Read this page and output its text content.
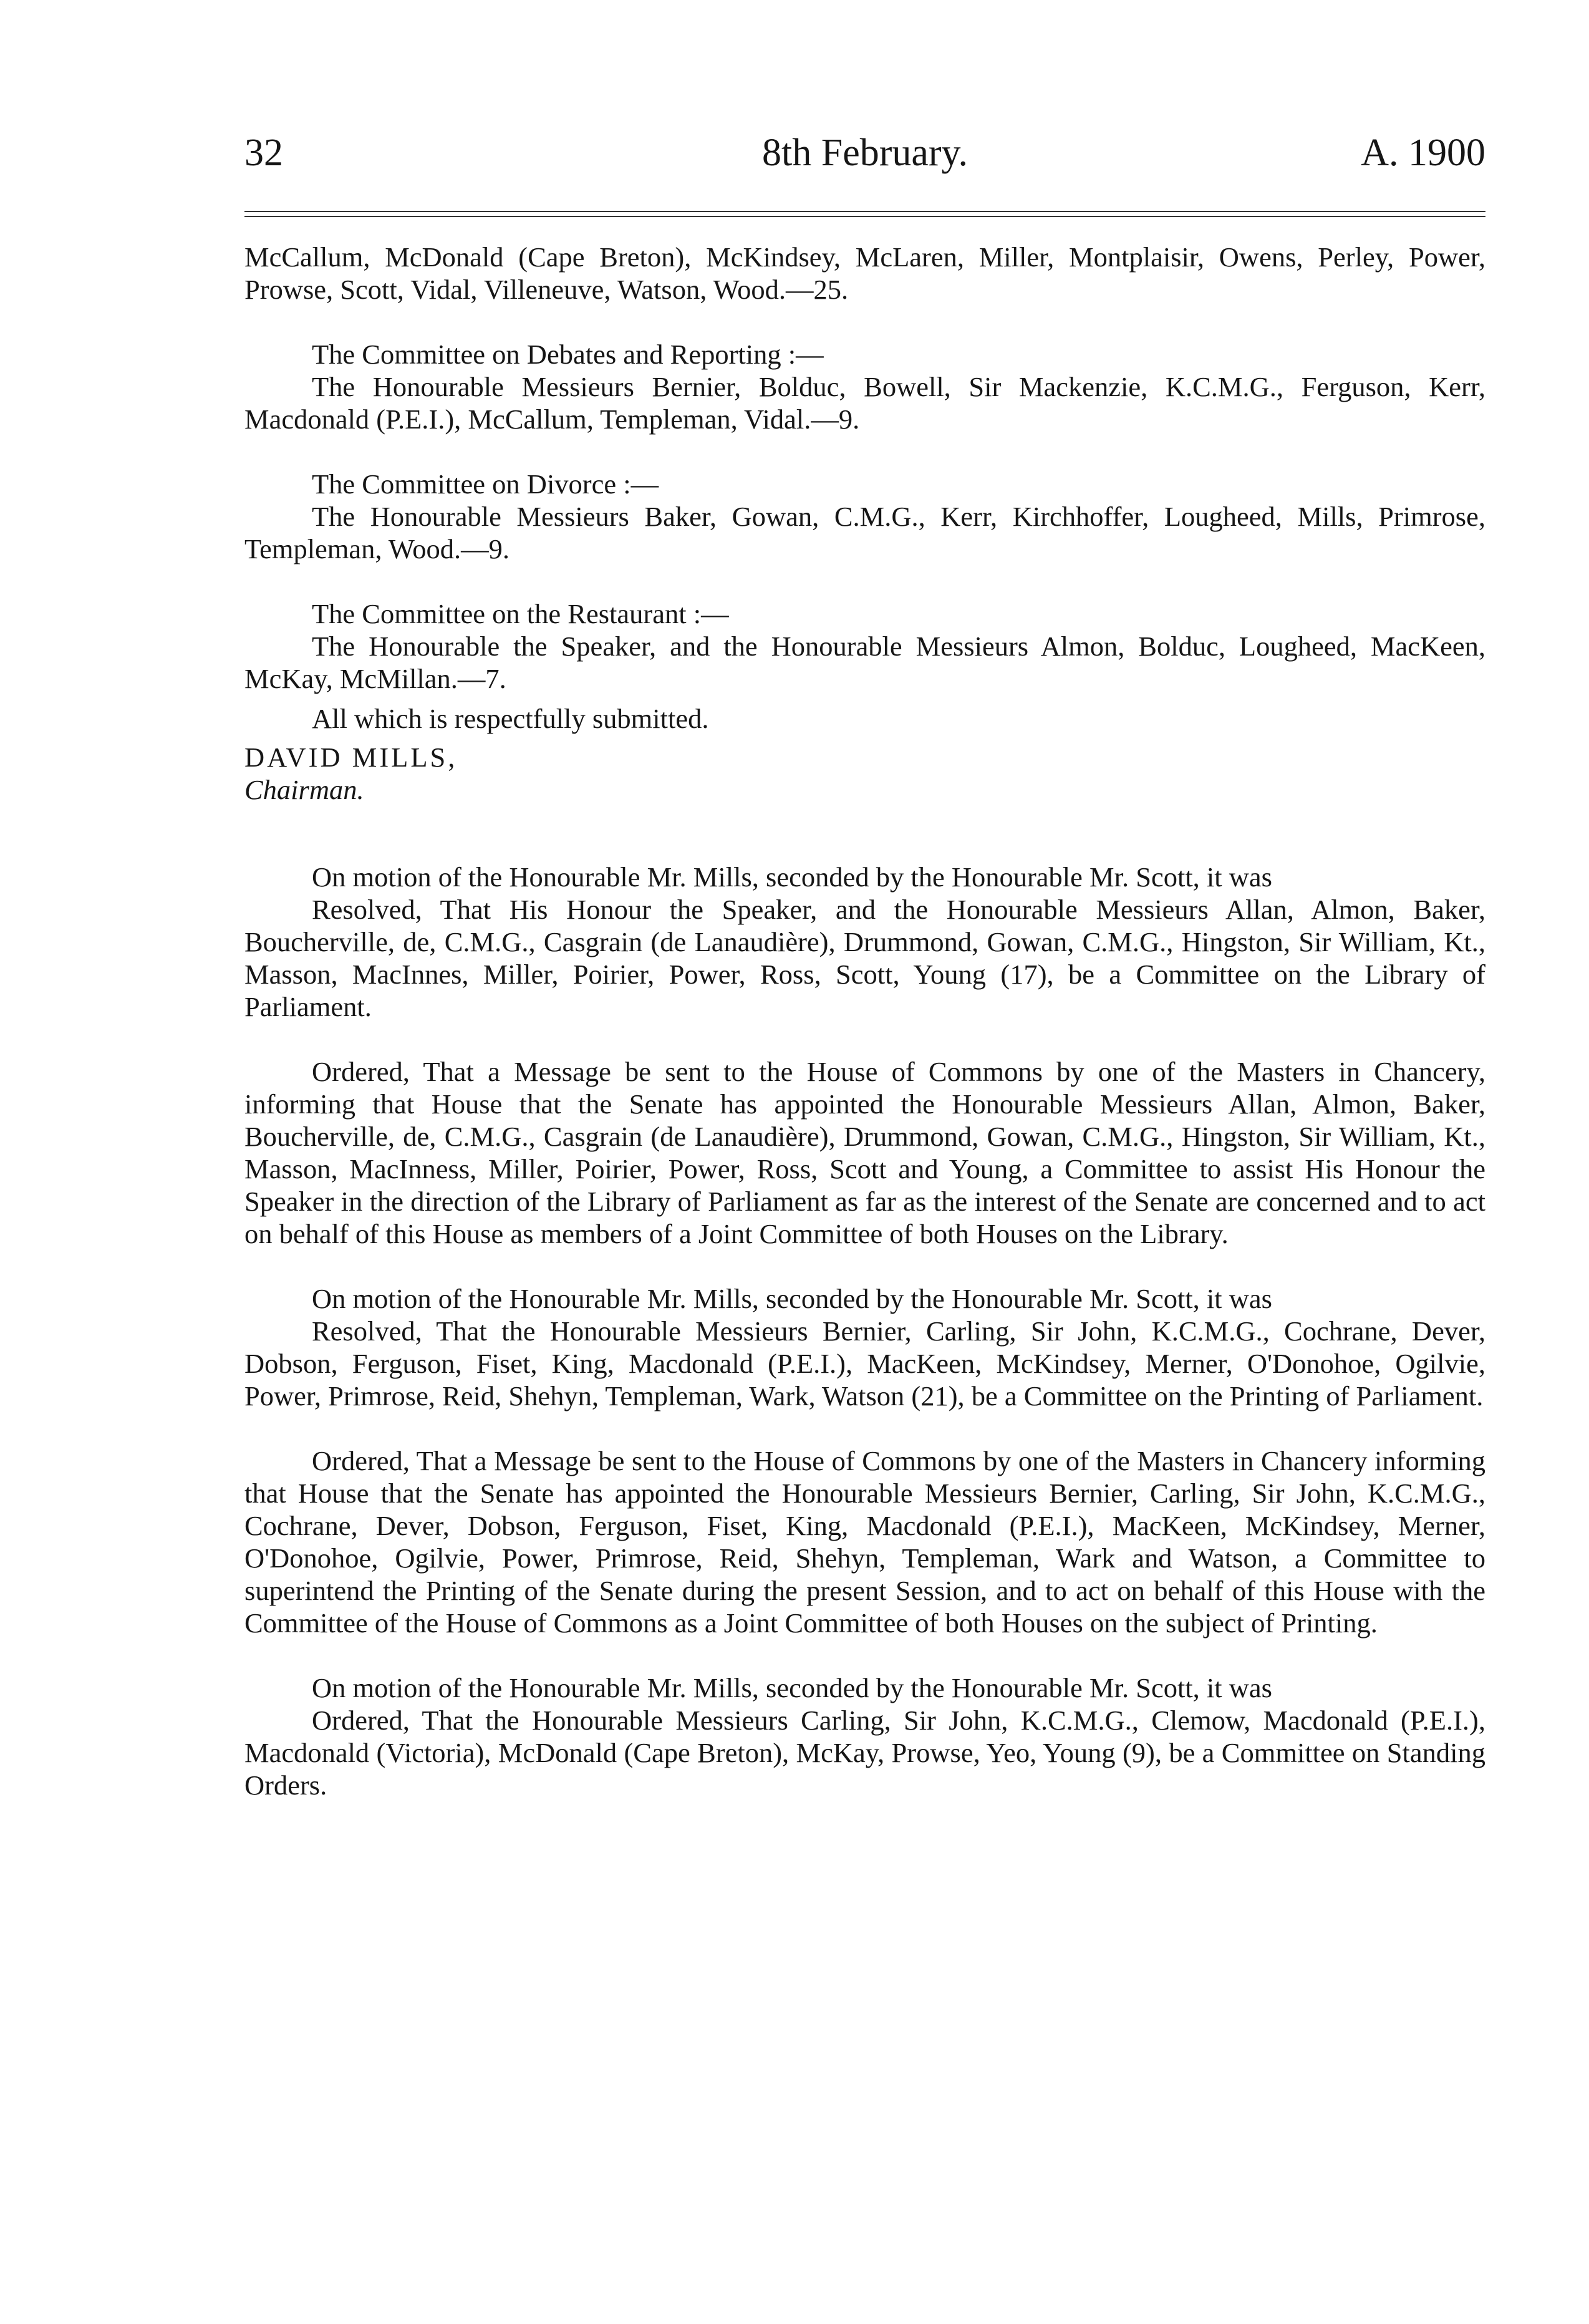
32	8th February.	A. 1900

McCallum, McDonald (Cape Breton), McKindsey, McLaren, Miller, Montplaisir, Owens, Perley, Power, Prowse, Scott, Vidal, Villeneuve, Watson, Wood.—25.

The Committee on Debates and Reporting :—

The Honourable Messieurs Bernier, Bolduc, Bowell, Sir Mackenzie, K.C.M.G., Ferguson, Kerr, Macdonald (P.E.I.), McCallum, Templeman, Vidal.—9.

The Committee on Divorce :—

The Honourable Messieurs Baker, Gowan, C.M.G., Kerr, Kirchhoffer, Lougheed, Mills, Primrose, Templeman, Wood.—9.

The Committee on the Restaurant :—

The Honourable the Speaker, and the Honourable Messieurs Almon, Bolduc, Lougheed, MacKeen, McKay, McMillan.—7.

All which is respectfully submitted.

DAVID MILLS,

Chairman.

On motion of the Honourable Mr. Mills, seconded by the Honourable Mr. Scott, it was

Resolved, That His Honour the Speaker, and the Honourable Messieurs Allan, Almon, Baker, Boucherville, de, C.M.G., Casgrain (de Lanaudière), Drummond, Gowan, C.M.G., Hingston, Sir William, Kt., Masson, MacInnes, Miller, Poirier, Power, Ross, Scott, Young (17), be a Committee on the Library of Parliament.

Ordered, That a Message be sent to the House of Commons by one of the Masters in Chancery, informing that House that the Senate has appointed the Honourable Messieurs Allan, Almon, Baker, Boucherville, de, C.M.G., Casgrain (de Lanaudière), Drummond, Gowan, C.M.G., Hingston, Sir William, Kt., Masson, MacInness, Miller, Poirier, Power, Ross, Scott and Young, a Committee to assist His Honour the Speaker in the direction of the Library of Parliament as far as the interest of the Senate are concerned and to act on behalf of this House as members of a Joint Committee of both Houses on the Library.

On motion of the Honourable Mr. Mills, seconded by the Honourable Mr. Scott, it was

Resolved, That the Honourable Messieurs Bernier, Carling, Sir John, K.C.M.G., Cochrane, Dever, Dobson, Ferguson, Fiset, King, Macdonald (P.E.I.), MacKeen, McKindsey, Merner, O'Donohoe, Ogilvie, Power, Primrose, Reid, Shehyn, Templeman, Wark, Watson (21), be a Committee on the Printing of Parliament.

Ordered, That a Message be sent to the House of Commons by one of the Masters in Chancery informing that House that the Senate has appointed the Honourable Messieurs Bernier, Carling, Sir John, K.C.M.G., Cochrane, Dever, Dobson, Ferguson, Fiset, King, Macdonald (P.E.I.), MacKeen, McKindsey, Merner, O'Donohoe, Ogilvie, Power, Primrose, Reid, Shehyn, Templeman, Wark and Watson, a Committee to superintend the Printing of the Senate during the present Session, and to act on behalf of this House with the Committee of the House of Commons as a Joint Committee of both Houses on the subject of Printing.

On motion of the Honourable Mr. Mills, seconded by the Honourable Mr. Scott, it was

Ordered, That the Honourable Messieurs Carling, Sir John, K.C.M.G., Clemow, Macdonald (P.E.I.), Macdonald (Victoria), McDonald (Cape Breton), McKay, Prowse, Yeo, Young (9), be a Committee on Standing Orders.
